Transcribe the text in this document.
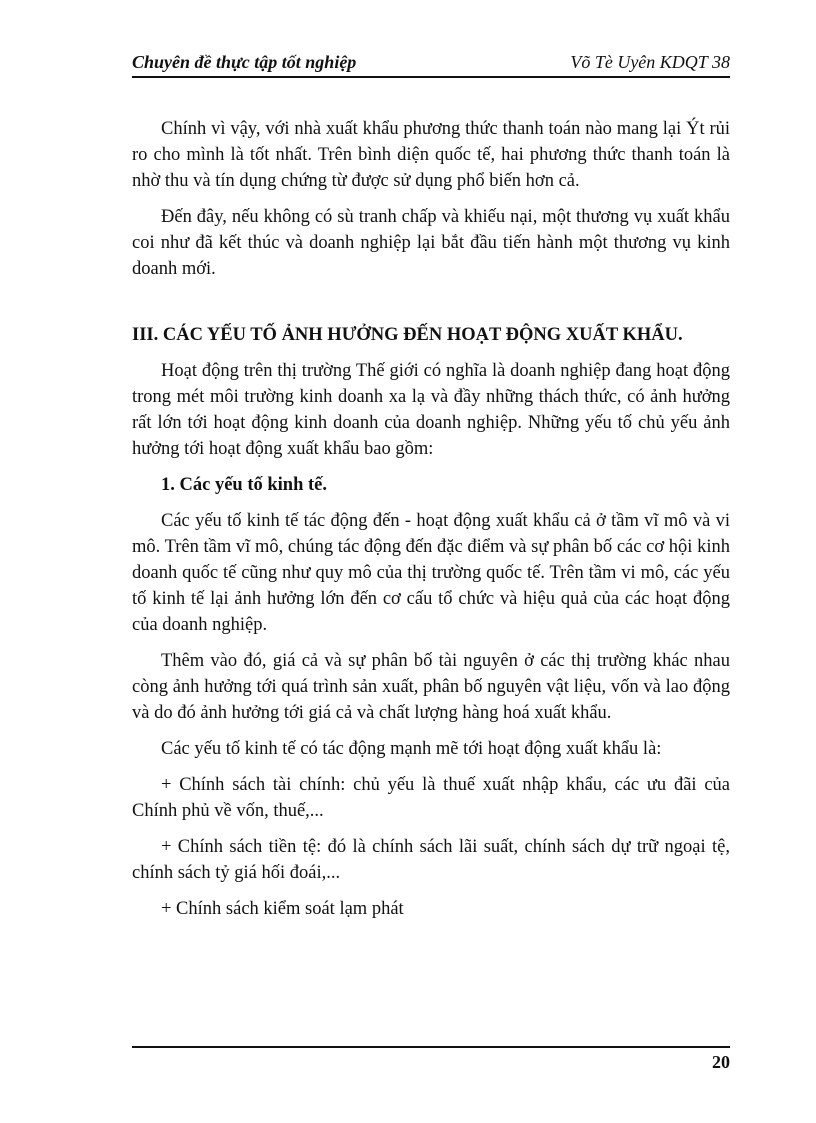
Chuyên đề thực tập tốt nghiệp	Võ Tè Uyên KDQT 38

Chính vì vậy, với nhà xuất khẩu phương thức thanh toán nào mang lại Ýt rủi ro cho mình là tốt nhất. Trên bình diện quốc tế, hai phương thức thanh toán là nhờ thu và tín dụng chứng từ được sử dụng phổ biến hơn cả.

Đến đây, nếu không có sù tranh chấp và khiếu nại, một thương vụ xuất khẩu coi như đã kết thúc và doanh nghiệp lại bắt đầu tiến hành một thương vụ kinh doanh mới.

III. CÁC YẾU TỐ ẢNH HƯỞNG ĐẾN HOẠT ĐỘNG XUẤT KHẨU.

Hoạt động trên thị trường Thế giới có nghĩa là doanh nghiệp đang hoạt động trong mét môi trường kinh doanh xa lạ và đầy những thách thức, có ảnh hưởng rất lớn tới hoạt động kinh doanh của doanh nghiệp. Những yếu tố chủ yếu ảnh hưởng tới hoạt động xuất khẩu bao gồm:

1. Các yếu tố kinh tế.

Các yếu tố kinh tế tác động đến - hoạt động xuất khẩu cả ở tầm vĩ mô và vi mô. Trên tầm vĩ mô, chúng tác động đến đặc điểm và sự phân bố các cơ hội kinh doanh quốc tế cũng như quy mô của thị trường quốc tế. Trên tầm vi mô, các yếu tố kinh tế lại ảnh hưởng lớn đến cơ cấu tổ chức và hiệu quả của các hoạt động của doanh nghiệp.

Thêm vào đó, giá cả và sự phân bố tài nguyên ở các thị trường khác nhau còng ảnh hưởng tới quá trình sản xuất, phân bố nguyên vật liệu, vốn và lao động và do đó ảnh hưởng tới giá cả và chất lượng hàng hoá xuất khẩu.

Các yếu tố kinh tế có tác động mạnh mẽ tới hoạt động xuất khẩu là:

+ Chính sách tài chính: chủ yếu là thuế xuất nhập khẩu, các ưu đãi của Chính phủ về vốn, thuế,...

+ Chính sách tiền tệ: đó là chính sách lãi suất, chính sách dự trữ ngoại tệ, chính sách tỷ giá hối đoái,...

+ Chính sách kiểm soát lạm phát

20
